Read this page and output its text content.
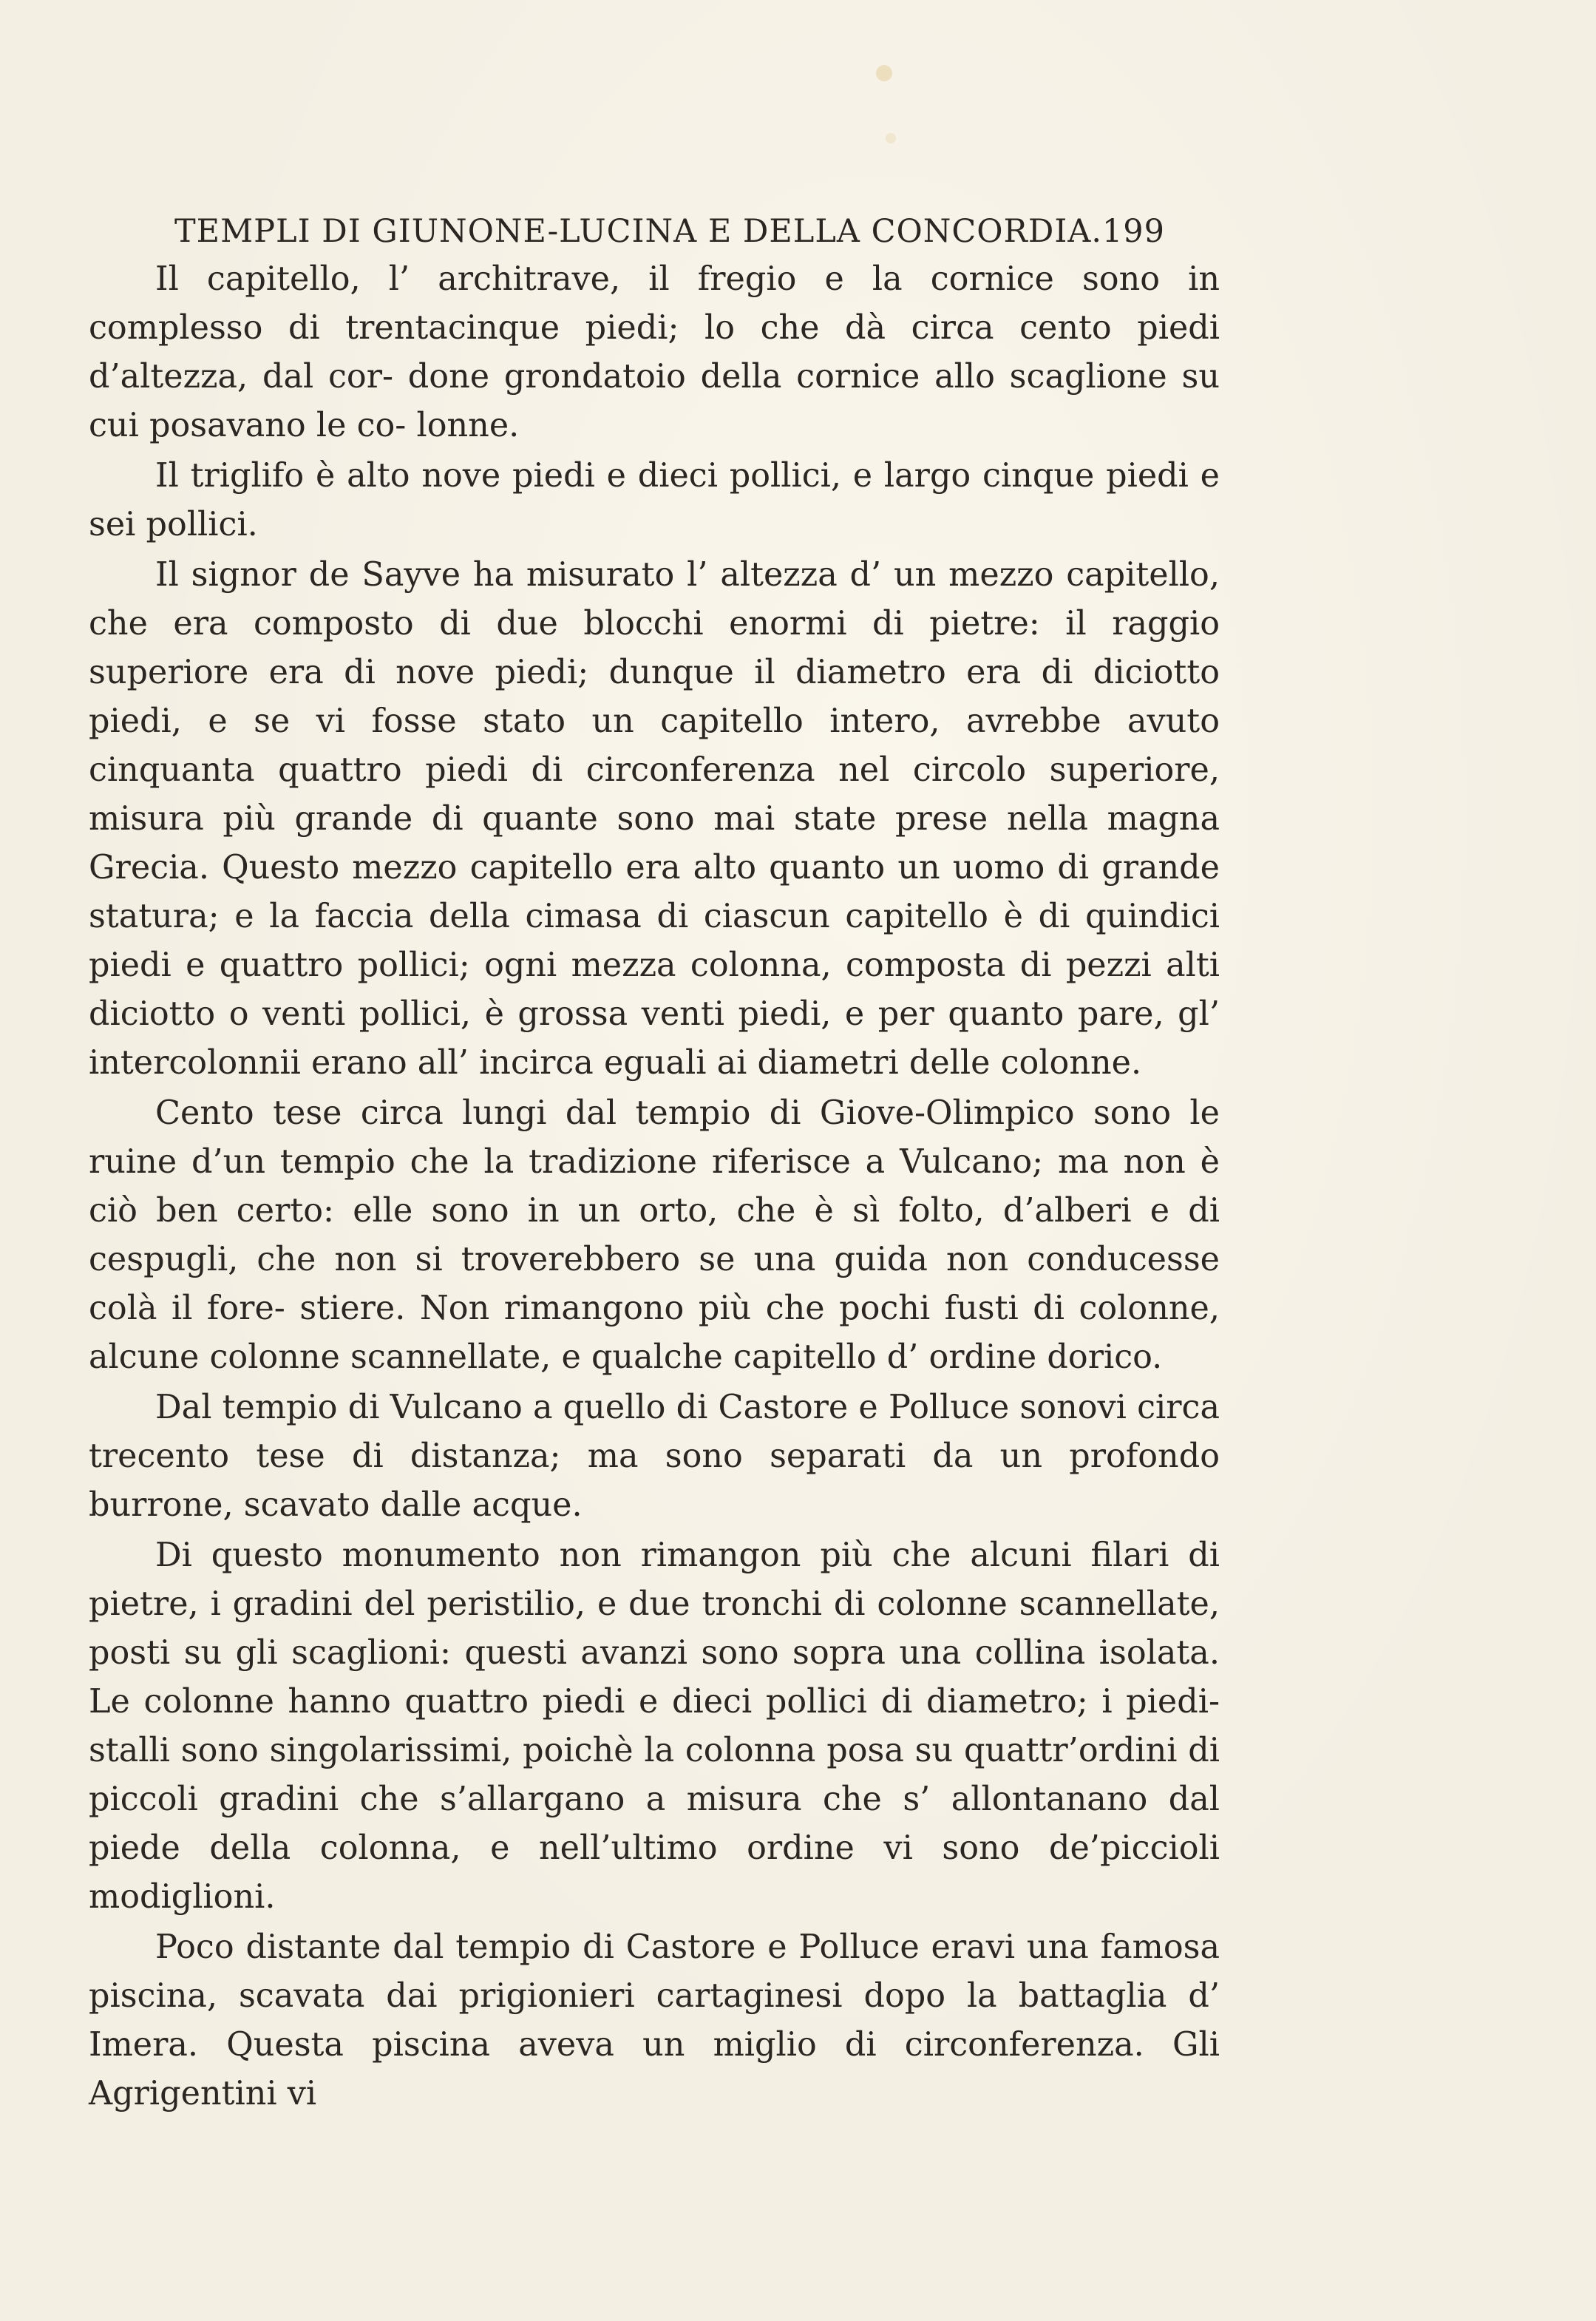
TEMPLI DI GIUNONE-LUCINA E DELLA CONCORDIA. 199

Il capitello, l’ architrave, il fregio e la cornice sono in complesso di trentacinque piedi; lo che dà circa cento piedi d’altezza, dal cor- done grondatoio della cornice allo scaglione su cui posavano le co- lonne.

Il triglifo è alto nove piedi e dieci pollici, e largo cinque piedi e sei pollici.

Il signor de Sayve ha misurato l’ altezza d’ un mezzo capitello, che era composto di due blocchi enormi di pietre: il raggio superiore era di nove piedi; dunque il diametro era di diciotto piedi, e se vi fosse stato un capitello intero, avrebbe avuto cinquanta quattro piedi di circonferenza nel circolo superiore, misura più grande di quante sono mai state prese nella magna Grecia. Questo mezzo capitello era alto quanto un uomo di grande statura; e la faccia della cimasa di ciascun capitello è di quindici piedi e quattro pollici; ogni mezza colonna, composta di pezzi alti diciotto o venti pollici, è grossa venti piedi, e per quanto pare, gl’ intercolonnii erano all’ incirca eguali ai diametri delle colonne.

Cento tese circa lungi dal tempio di Giove-Olimpico sono le ruine d’un tempio che la tradizione riferisce a Vulcano; ma non è ciò ben certo: elle sono in un orto, che è sì folto, d’alberi e di cespugli, che non si troverebbero se una guida non conducesse colà il fore- stiere. Non rimangono più che pochi fusti di colonne, alcune colonne scannellate, e qualche capitello d’ ordine dorico.

Dal tempio di Vulcano a quello di Castore e Polluce sonovi circa trecento tese di distanza; ma sono separati da un profondo burrone, scavato dalle acque.

Di questo monumento non rimangon più che alcuni filari di pietre, i gradini del peristilio, e due tronchi di colonne scannellate, posti su gli scaglioni: questi avanzi sono sopra una collina isolata. Le colonne hanno quattro piedi e dieci pollici di diametro; i piedi- stalli sono singolarissimi, poichè la colonna posa su quattr’ordini di piccoli gradini che s’allargano a misura che s’ allontanano dal piede della colonna, e nell’ultimo ordine vi sono de’piccioli modiglioni.

Poco distante dal tempio di Castore e Polluce eravi una famosa piscina, scavata dai prigionieri cartaginesi dopo la battaglia d’ Imera. Questa piscina aveva un miglio di circonferenza. Gli Agrigentini vi
